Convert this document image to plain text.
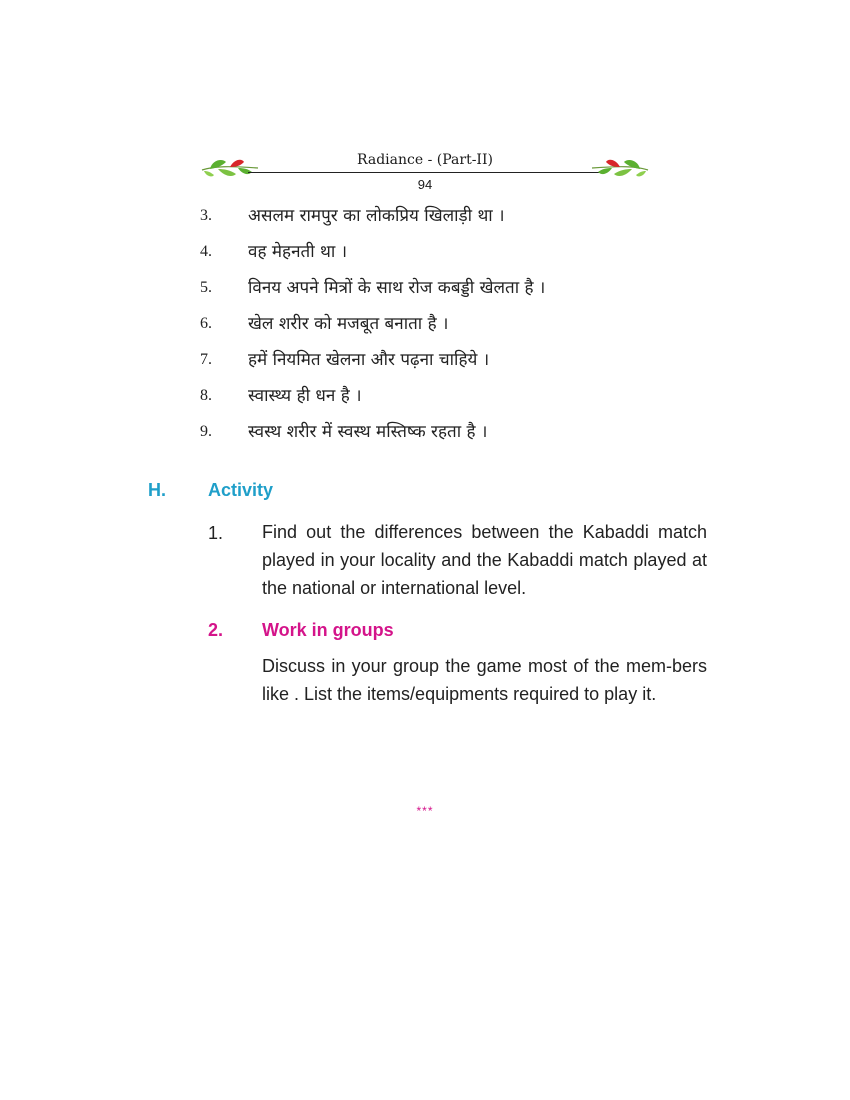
Radiance - (Part-II)
94
3.	असलम रामपुर का लोकप्रिय खिलाड़ी था ।
4.	वह मेहनती था ।
5.	विनय अपने मित्रों के साथ रोज कबड्डी खेलता है ।
6.	खेल शरीर को मजबूत बनाता है ।
7.	हमें नियमित खेलना और पढ़ना चाहिये ।
8.	स्वास्थ्य ही धन है ।
9.	स्वस्थ शरीर में स्वस्थ मस्तिष्क रहता है ।
H. Activity
1. Find out the differences between the Kabaddi match played in your locality and the Kabaddi match played at the national or international level.
2. Work in groups
Discuss in your group the game most of the mem-bers like . List the items/equipments required to play it.
***
